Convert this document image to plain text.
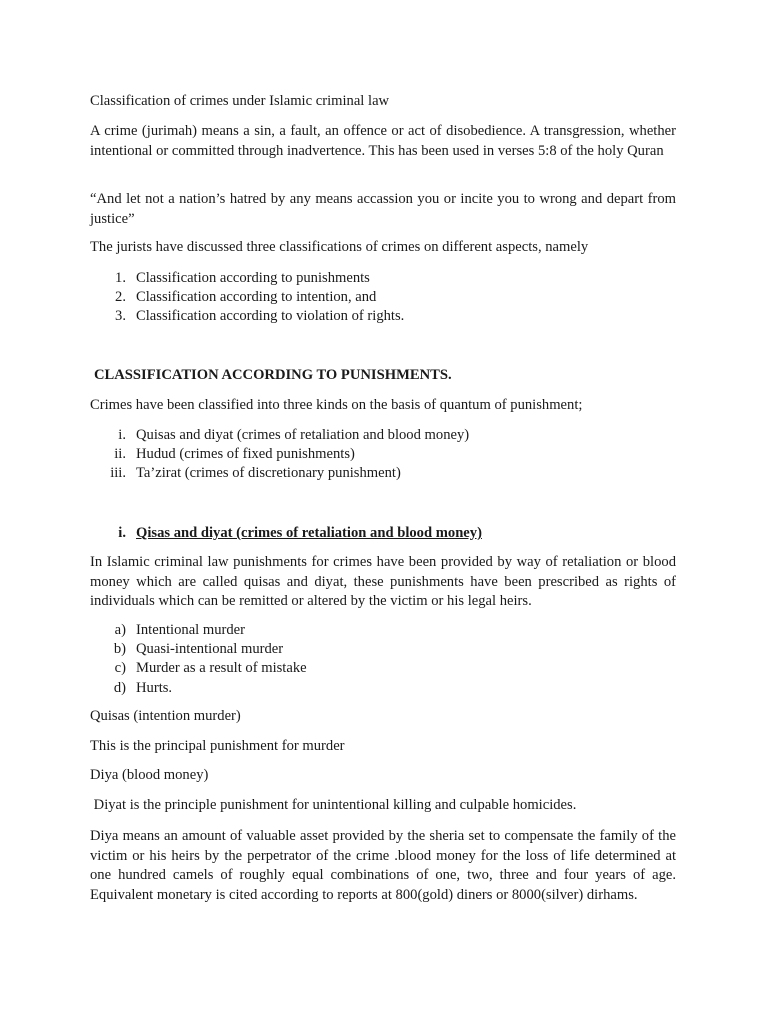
Classification of crimes under Islamic criminal law
A crime (jurimah) means a sin, a fault, an offence or act of disobedience. A transgression, whether intentional or committed through inadvertence. This has been used in verses 5:8 of the holy Quran
“And let not a nation’s hatred by any means accassion you or incite you to wrong and depart from justice”
The jurists have discussed three classifications of crimes on different aspects, namely
1. Classification according to punishments
2. Classification according to intention, and
3. Classification according to violation of rights.
CLASSIFICATION ACCORDING TO PUNISHMENTS.
Crimes have been classified into three kinds on the basis of quantum of punishment;
i. Quisas and diyat (crimes of retaliation and blood money)
ii. Hudud (crimes of fixed punishments)
iii. Ta’zirat (crimes of discretionary punishment)
i. Qisas and diyat (crimes of retaliation and blood money)
In Islamic criminal law punishments for crimes have been provided by way of retaliation or blood money which are called quisas and diyat, these punishments have been prescribed as rights of individuals which can be remitted or altered by the victim or his legal heirs.
a) Intentional murder
b) Quasi-intentional murder
c) Murder as a result of mistake
d) Hurts.
Quisas (intention murder)
This is the principal punishment for murder
Diya (blood money)
Diyat is the principle punishment for unintentional killing and culpable homicides.
Diya means an amount of valuable asset provided by the sheria set to compensate the family of the victim or his heirs by the perpetrator of the crime .blood money for the loss of life determined at one hundred camels of roughly equal combinations of one, two, three and four years of age. Equivalent monetary is cited according to reports at 800(gold) diners or 8000(silver) dirhams.
